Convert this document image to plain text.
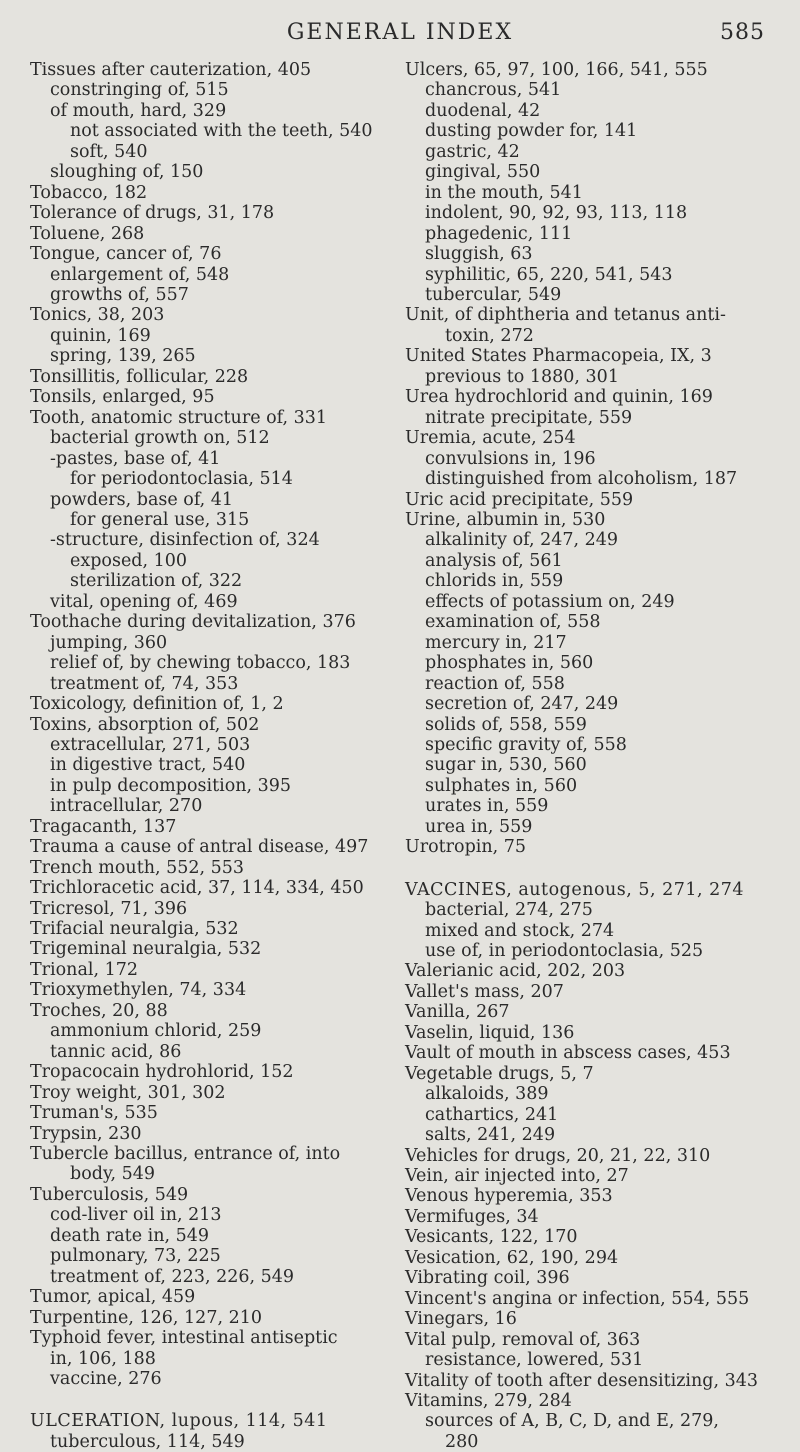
GENERAL INDEX	585
Tissues after cauterization, 405
constringing of, 515
of mouth, hard, 329
not associated with the teeth, 540
soft, 540
sloughing of, 150
Tobacco, 182
Tolerance of drugs, 31, 178
Toluene, 268
Tongue, cancer of, 76
enlargement of, 548
growths of, 557
Tonics, 38, 203
quinin, 169
spring, 139, 265
Tonsillitis, follicular, 228
Tonsils, enlarged, 95
Tooth, anatomic structure of, 331
bacterial growth on, 512
-pastes, base of, 41
for periodontoclasia, 514
powders, base of, 41
for general use, 315
-structure, disinfection of, 324
exposed, 100
sterilization of, 322
vital, opening of, 469
Toothache during devitalization, 376
jumping, 360
relief of, by chewing tobacco, 183
treatment of, 74, 353
Toxicology, definition of, 1, 2
Toxins, absorption of, 502
extracellular, 271, 503
in digestive tract, 540
in pulp decomposition, 395
intracellular, 270
Tragacanth, 137
Trauma a cause of antral disease, 497
Trench mouth, 552, 553
Trichloracetic acid, 37, 114, 334, 450
Tricresol, 71, 396
Trifacial neuralgia, 532
Trigeminal neuralgia, 532
Trional, 172
Trioxymethylen, 74, 334
Troches, 20, 88
ammonium chlorid, 259
tannic acid, 86
Tropacocain hydrohlorid, 152
Troy weight, 301, 302
Truman's, 535
Trypsin, 230
Tubercle bacillus, entrance of, into
body, 549
Tuberculosis, 549
cod-liver oil in, 213
death rate in, 549
pulmonary, 73, 225
treatment of, 223, 226, 549
Tumor, apical, 459
Turpentine, 126, 127, 210
Typhoid fever, intestinal antiseptic
in, 106, 188
vaccine, 276
ULCERATION, lupous, 114, 541
tuberculous, 114, 549
Ulcers, 65, 97, 100, 166, 541, 555
chancrous, 541
duodenal, 42
dusting powder for, 141
gastric, 42
gingival, 550
in the mouth, 541
indolent, 90, 92, 93, 113, 118
phagedenic, 111
sluggish, 63
syphilitic, 65, 220, 541, 543
tubercular, 549
Unit, of diphtheria and tetanus anti-
toxin, 272
United States Pharmacopeia, IX, 3
previous to 1880, 301
Urea hydrochlorid and quinin, 169
nitrate precipitate, 559
Uremia, acute, 254
convulsions in, 196
distinguished from alcoholism, 187
Uric acid precipitate, 559
Urine, albumin in, 530
alkalinity of, 247, 249
analysis of, 561
chlorids in, 559
effects of potassium on, 249
examination of, 558
mercury in, 217
phosphates in, 560
reaction of, 558
secretion of, 247, 249
solids of, 558, 559
specific gravity of, 558
sugar in, 530, 560
sulphates in, 560
urates in, 559
urea in, 559
Urotropin, 75
VACCINES, autogenous, 5, 271, 274
bacterial, 274, 275
mixed and stock, 274
use of, in periodontoclasia, 525
Valerianic acid, 202, 203
Vallet's mass, 207
Vanilla, 267
Vaselin, liquid, 136
Vault of mouth in abscess cases, 453
Vegetable drugs, 5, 7
alkaloids, 389
cathartics, 241
salts, 241, 249
Vehicles for drugs, 20, 21, 22, 310
Vein, air injected into, 27
Venous hyperemia, 353
Vermifuges, 34
Vesicants, 122, 170
Vesication, 62, 190, 294
Vibrating coil, 396
Vincent's angina or infection, 554, 555
Vinegars, 16
Vital pulp, removal of, 363
resistance, lowered, 531
Vitality of tooth after desensitizing, 343
Vitamins, 279, 284
sources of A, B, C, D, and E, 279,
280
